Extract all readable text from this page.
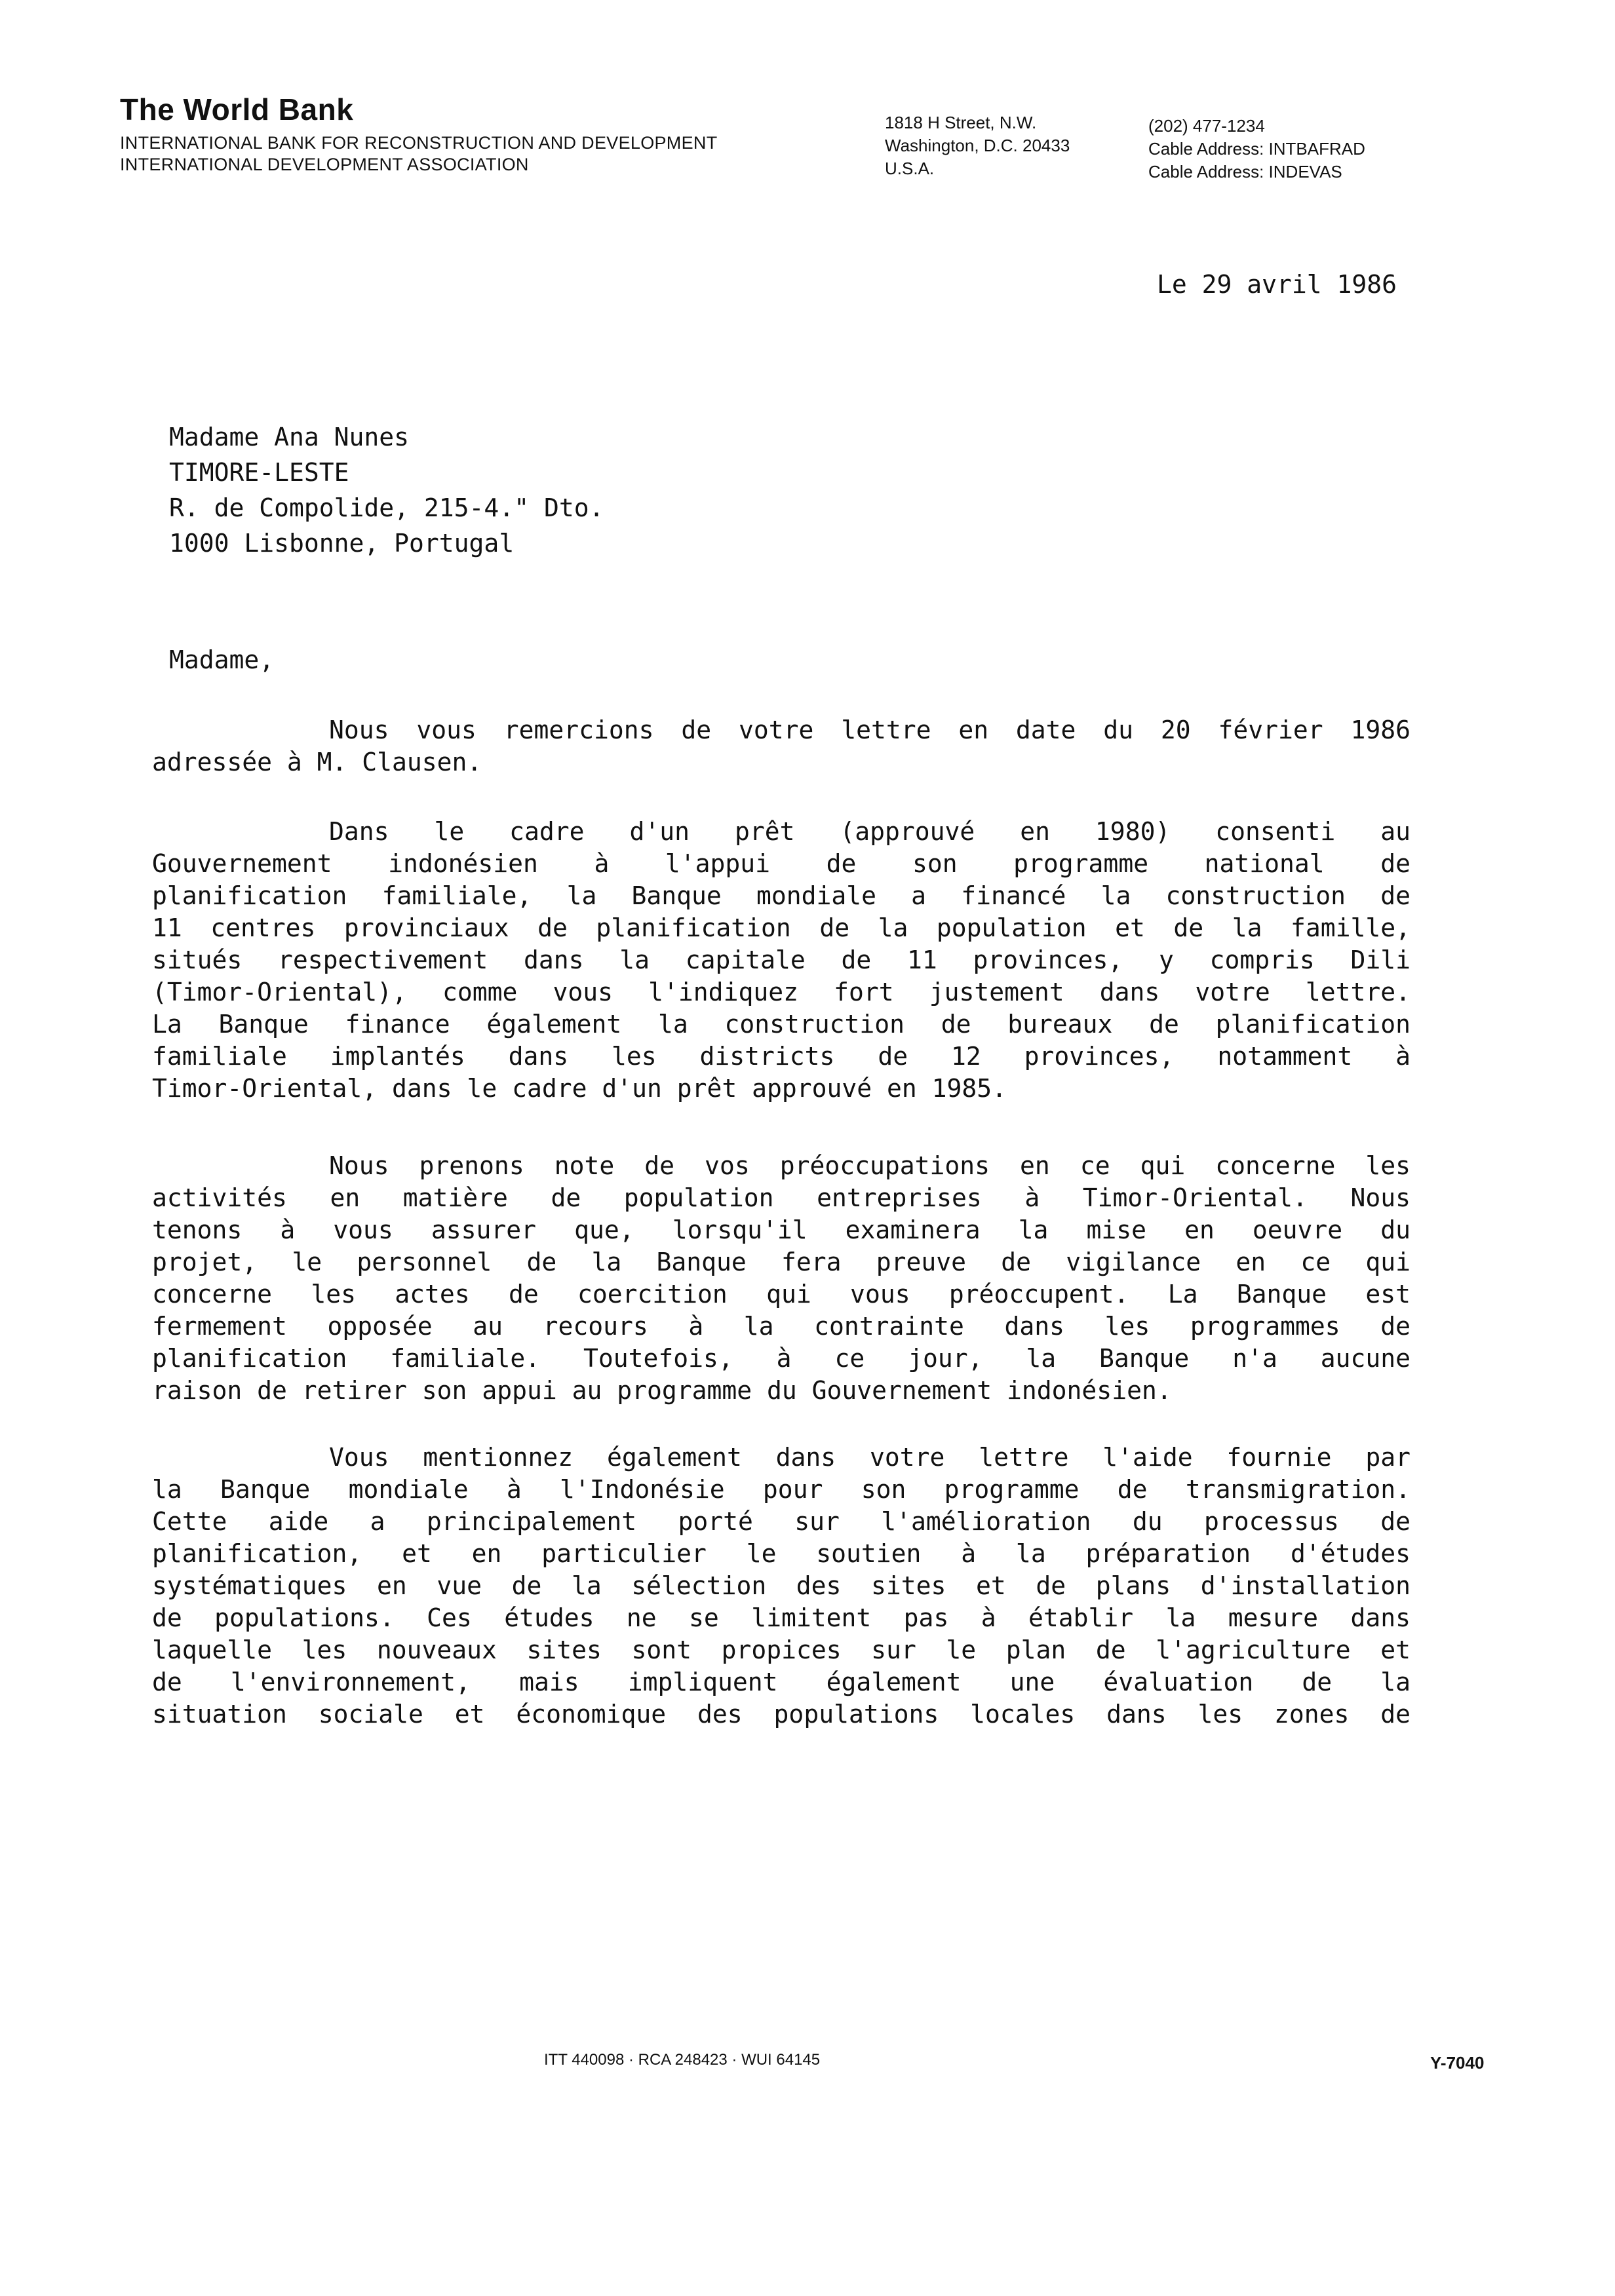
The World Bank
INTERNATIONAL BANK FOR RECONSTRUCTION AND DEVELOPMENT
INTERNATIONAL DEVELOPMENT ASSOCIATION
1818 H Street, N.W.
Washington, D.C. 20433
U.S.A.
(202) 477-1234
Cable Address: INTBAFRAD
Cable Address: INDEVAS
Le 29 avril 1986
Madame Ana Nunes
TIMORE-LESTE
R. de Compolide, 215-4." Dto.
1000 Lisbonne, Portugal
Madame,
Nous vous remercions de votre lettre en date du 20 février 1986
adressée à M. Clausen.
Dans le cadre d'un prêt (approuvé en 1980) consenti au
Gouvernement indonésien à l'appui de son programme national de
planification familiale, la Banque mondiale a financé la construction de
11 centres provinciaux de planification de la population et de la famille,
situés respectivement dans la capitale de 11 provinces, y compris Dili
(Timor-Oriental), comme vous l'indiquez fort justement dans votre lettre.
La Banque finance également la construction de bureaux de planification
familiale implantés dans les districts de 12 provinces, notamment à
Timor-Oriental, dans le cadre d'un prêt approuvé en 1985.
Nous prenons note de vos préoccupations en ce qui concerne les
activités en matière de population entreprises à Timor-Oriental. Nous
tenons à vous assurer que, lorsqu'il examinera la mise en oeuvre du
projet, le personnel de la Banque fera preuve de vigilance en ce qui
concerne les actes de coercition qui vous préoccupent. La Banque est
fermement opposée au recours à la contrainte dans les programmes de
planification familiale. Toutefois, à ce jour, la Banque n'a aucune
raison de retirer son appui au programme du Gouvernement indonésien.
Vous mentionnez également dans votre lettre l'aide fournie par
la Banque mondiale à l'Indonésie pour son programme de transmigration.
Cette aide a principalement porté sur l'amélioration du processus de
planification, et en particulier le soutien à la préparation d'études
systématiques en vue de la sélection des sites et de plans d'installation
de populations. Ces études ne se limitent pas à établir la mesure dans
laquelle les nouveaux sites sont propices sur le plan de l'agriculture et
de l'environnement, mais impliquent également une évaluation de la
situation sociale et économique des populations locales dans les zones de
ITT 440098 · RCA 248423 · WUI 64145	Y-7040
